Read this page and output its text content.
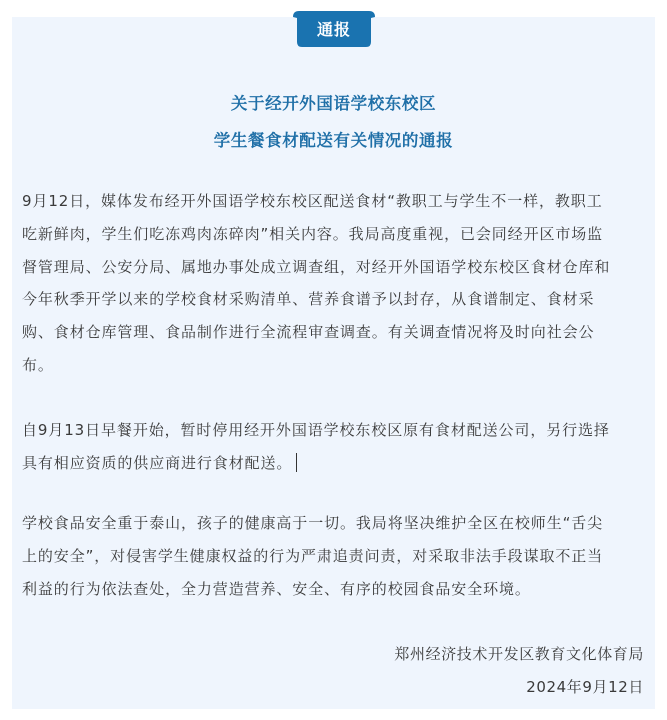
通报
关于经开外国语学校东校区
学生餐食材配送有关情况的通报
9月12日，媒体发布经开外国语学校东校区配送食材“教职工与学生不一样，教职工
吃新鲜肉，学生们吃冻鸡肉冻碎肉”相关内容。我局高度重视，已会同经开区市场监
督管理局、公安分局、属地办事处成立调查组，对经开外国语学校东校区食材仓库和
今年秋季开学以来的学校食材采购清单、营养食谱予以封存，从食谱制定、食材采
购、食材仓库管理、食品制作进行全流程审查调查。有关调查情况将及时向社会公
布。
自9月13日早餐开始，暂时停用经开外国语学校东校区原有食材配送公司，另行选择
具有相应资质的供应商进行食材配送。
学校食品安全重于泰山，孩子的健康高于一切。我局将坚决维护全区在校师生“舌尖
上的安全”，对侵害学生健康权益的行为严肃追责问责，对采取非法手段谋取不正当
利益的行为依法查处，全力营造营养、安全、有序的校园食品安全环境。
郑州经济技术开发区教育文化体育局
2024年9月12日
